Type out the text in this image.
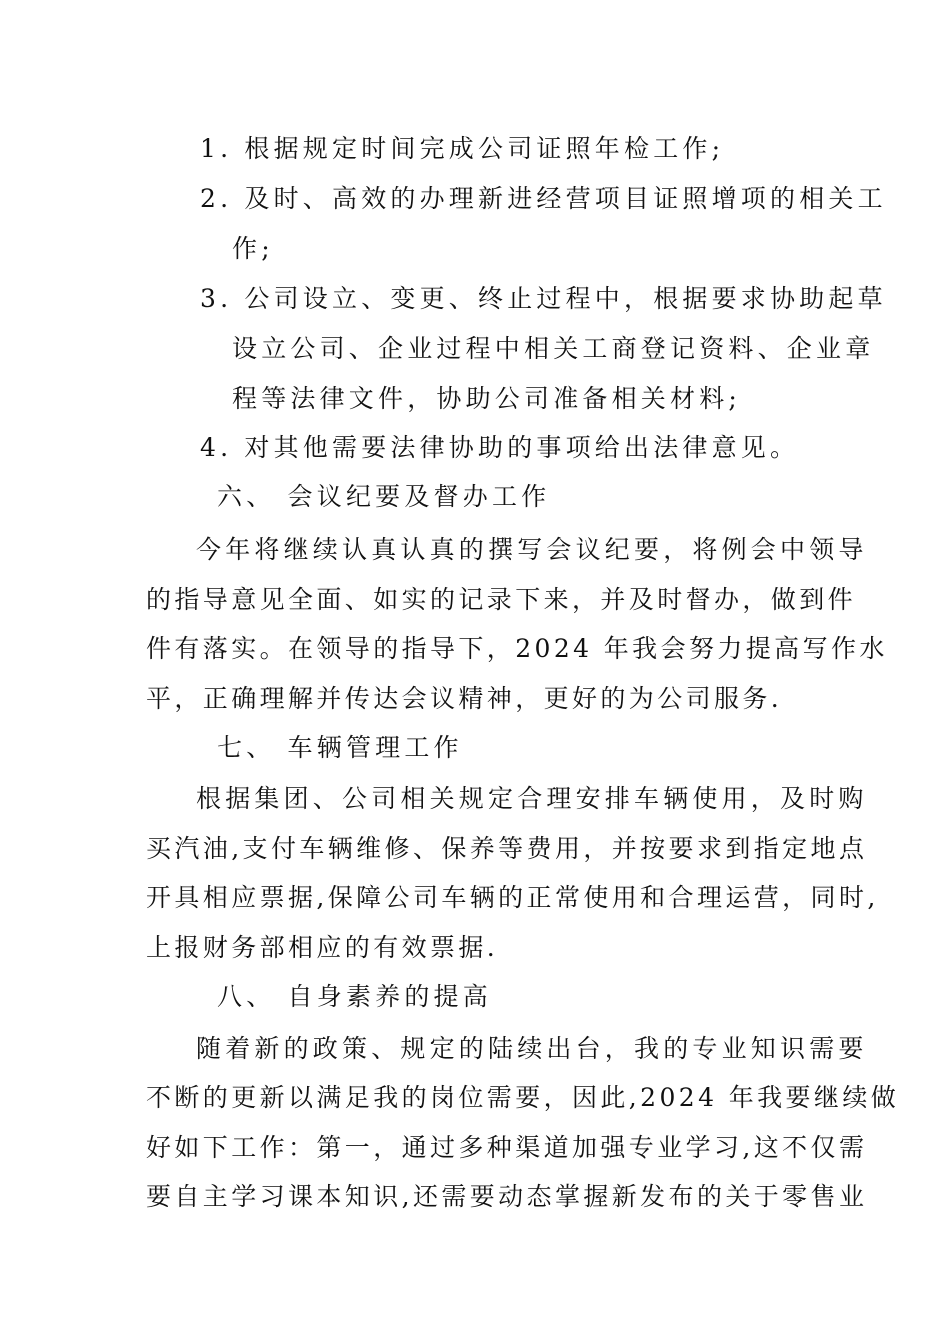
1. 根据规定时间完成公司证照年检工作;
2. 及时、高效的办理新进经营项目证照增项的相关工
作;
3. 公司设立、变更、终止过程中，根据要求协助起草
设立公司、企业过程中相关工商登记资料、企业章
程等法律文件，协助公司准备相关材料;
4. 对其他需要法律协助的事项给出法律意见。
六、 会议纪要及督办工作
今年将继续认真认真的撰写会议纪要，将例会中领导
的指导意见全面、如实的记录下来，并及时督办，做到件
件有落实。在领导的指导下，2024 年我会努力提高写作水
平，正确理解并传达会议精神，更好的为公司服务.
七、 车辆管理工作
根据集团、公司相关规定合理安排车辆使用，及时购
买汽油,支付车辆维修、保养等费用，并按要求到指定地点
开具相应票据,保障公司车辆的正常使用和合理运营，同时,
上报财务部相应的有效票据.
八、 自身素养的提高
随着新的政策、规定的陆续出台，我的专业知识需要
不断的更新以满足我的岗位需要，因此,2024 年我要继续做
好如下工作：第一，通过多种渠道加强专业学习,这不仅需
要自主学习课本知识,还需要动态掌握新发布的关于零售业
